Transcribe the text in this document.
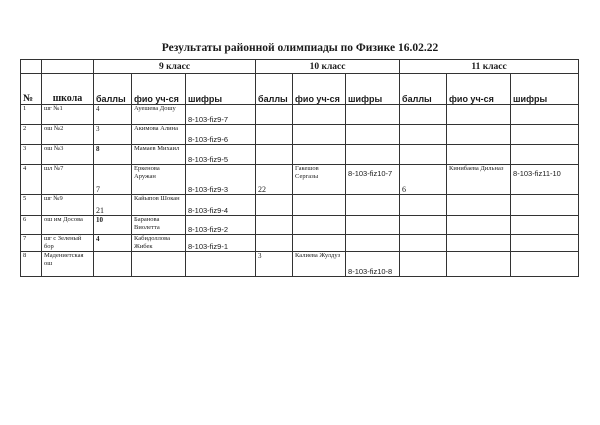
Результаты районной олимпиады по Физике 16.02.22
		9 класс			10 класс			11 класс		
№	школа	баллы	фио уч-ся	шифры	баллы	фио уч-ся	шифры	баллы	фио уч-ся	шифры
1	шг №1	4	Ауешева Дошу	8-103-fiz9-7						
2	ош №2	3	Акимова Алина	8-103-fiz9-6						
3	ош №3	8	Мамаев Михаил	8-103-fiz9-5						
4	шл №7	7	Еркенова Аружан	8-103-fiz9-3	22	Гакешов Сергазы	8-103-fiz10-7	6	Кинибаева Дильназ	8-103-fiz11-10
5	шг №9	21	Кайыпов Шокан	8-103-fiz9-4						
6	ош им Досова	10	Баранова Виолетта	8-103-fiz9-2						
7	шг с Зеленый бор	4	Кабидоллова Жибек	8-103-fiz9-1						
8	Мадениетская ош				3	Калиева Жулдуз	8-103-fiz10-8			
